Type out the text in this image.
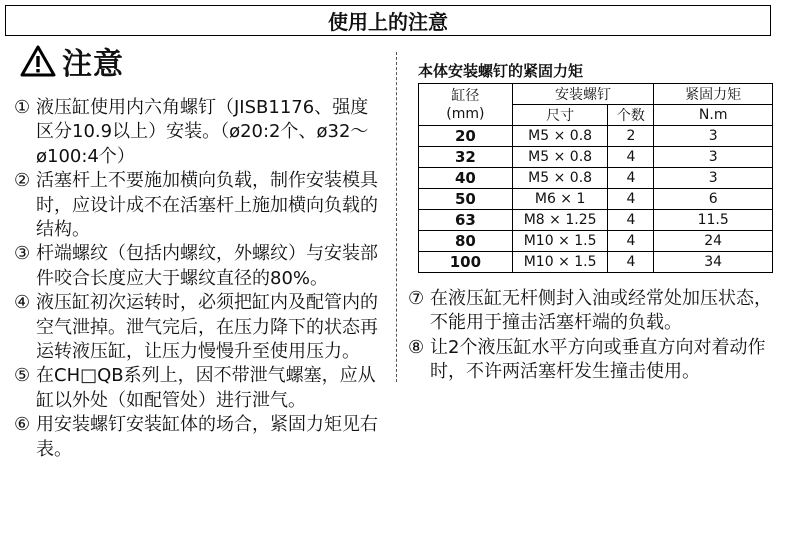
使用上的注意
注意
① 液压缸使用内六角螺钉（JISB1176、强度区分10.9以上）安装。（ø20:2个、ø32～ø100:4个）
② 活塞杆上不要施加横向负载，制作安装模具时，应设计成不在活塞杆上施加横向负载的结构。
③ 杆端螺纹（包括内螺纹，外螺纹）与安装部件咬合长度应大于螺纹直径的80%。
④ 液压缸初次运转时，必须把缸内及配管内的空气泄掉。泄气完后，在压力降下的状态再运转液压缸，让压力慢慢升至使用压力。
⑤ 在CH□QB系列上，因不带泄气螺塞，应从缸以外处（如配管处）进行泄气。
⑥ 用安装螺钉安装缸体的场合，紧固力矩见右表。
本体安装螺钉的紧固力矩
缸径
(mm)	安装螺钉		紧固力矩
	尺寸	个数	N.m
20	M5 × 0.8	2	3
32	M5 × 0.8	4	3
40	M5 × 0.8	4	3
50	M6 × 1	4	6
63	M8 × 1.25	4	11.5
80	M10 × 1.5	4	24
100	M10 × 1.5	4	34
⑦ 在液压缸无杆侧封入油或经常处加压状态，不能用于撞击活塞杆端的负载。
⑧ 让2个液压缸水平方向或垂直方向对着动作时，不许两活塞杆发生撞击使用。
